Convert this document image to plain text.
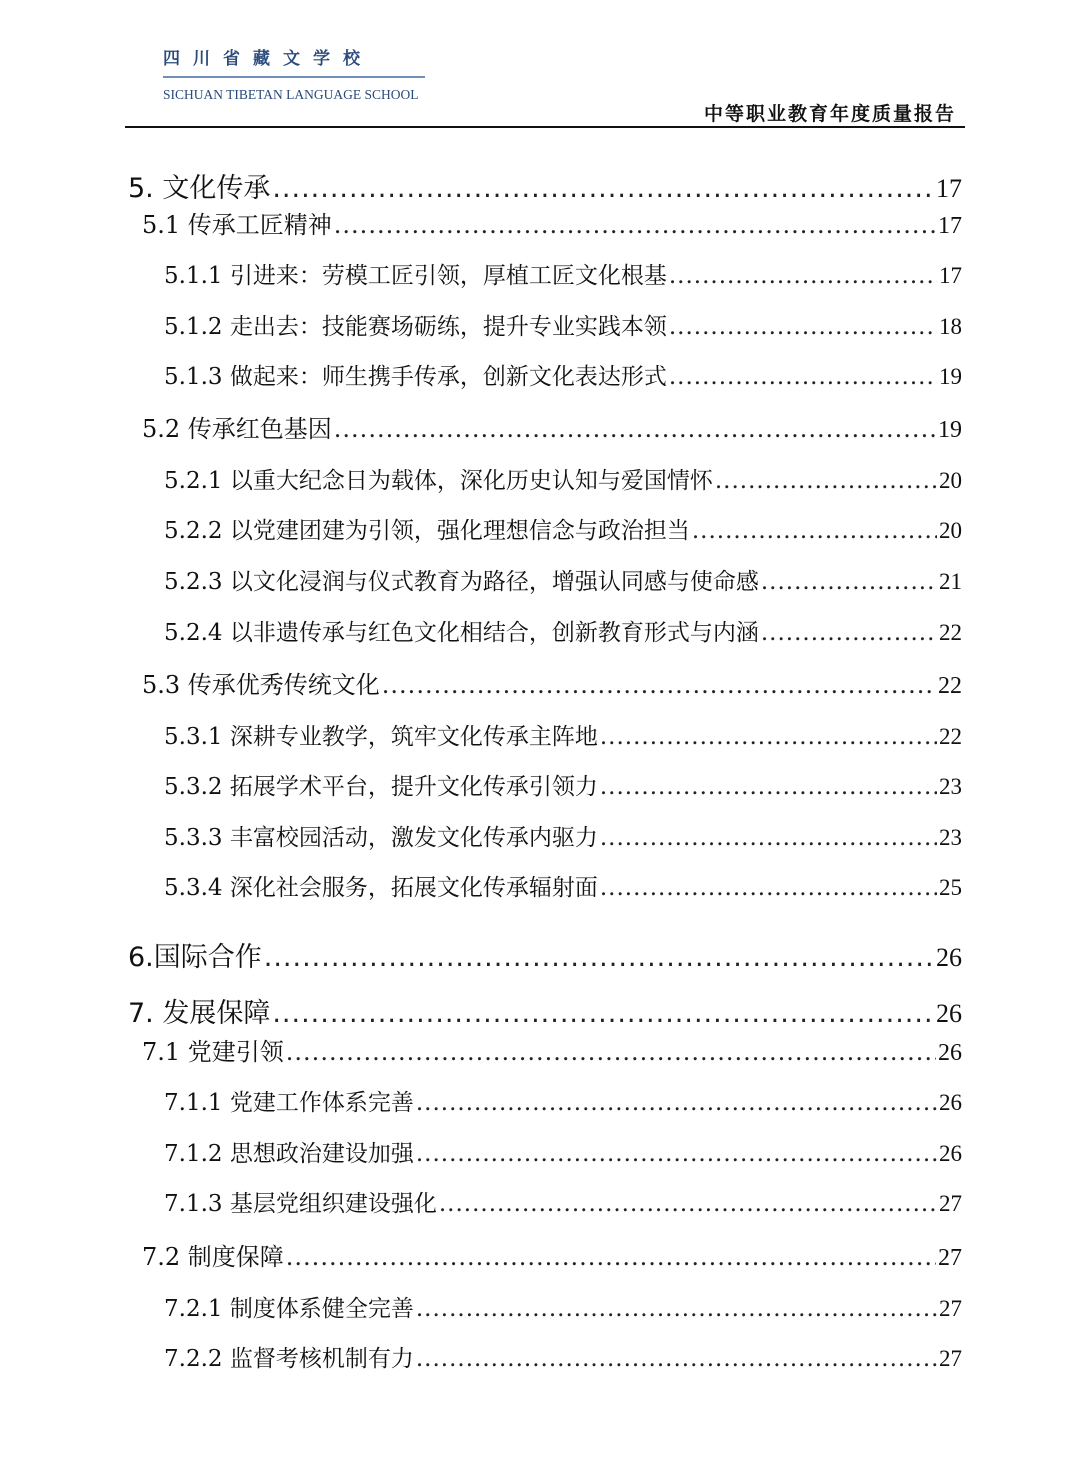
四川省藏文学校
SICHUAN TIBETAN LANGUAGE SCHOOL
中等职业教育年度质量报告
5. 文化传承 .....	17
5.1 传承工匠精神 .....	17
5.1.1 引进来：劳模工匠引领，厚植工匠文化根基 .....	17
5.1.2 走出去：技能赛场砺练，提升专业实践本领 .....	18
5.1.3 做起来：师生携手传承，创新文化表达形式 .....	19
5.2 传承红色基因 .....	19
5.2.1 以重大纪念日为载体，深化历史认知与爱国情怀 .....	20
5.2.2 以党建团建为引领，强化理想信念与政治担当 .....	20
5.2.3 以文化浸润与仪式教育为路径，增强认同感与使命感 .....	21
5.2.4 以非遗传承与红色文化相结合，创新教育形式与内涵 .....	22
5.3 传承优秀传统文化 .....	22
5.3.1 深耕专业教学，筑牢文化传承主阵地 .....	22
5.3.2 拓展学术平台，提升文化传承引领力 .....	23
5.3.3 丰富校园活动，激发文化传承内驱力 .....	23
5.3.4 深化社会服务，拓展文化传承辐射面 .....	25
6.国际合作 .....	26
7. 发展保障 .....	26
7.1 党建引领 .....	26
7.1.1 党建工作体系完善 .....	26
7.1.2 思想政治建设加强 .....	26
7.1.3 基层党组织建设强化 .....	27
7.2 制度保障 .....	27
7.2.1 制度体系健全完善 .....	27
7.2.2 监督考核机制有力 .....	27
